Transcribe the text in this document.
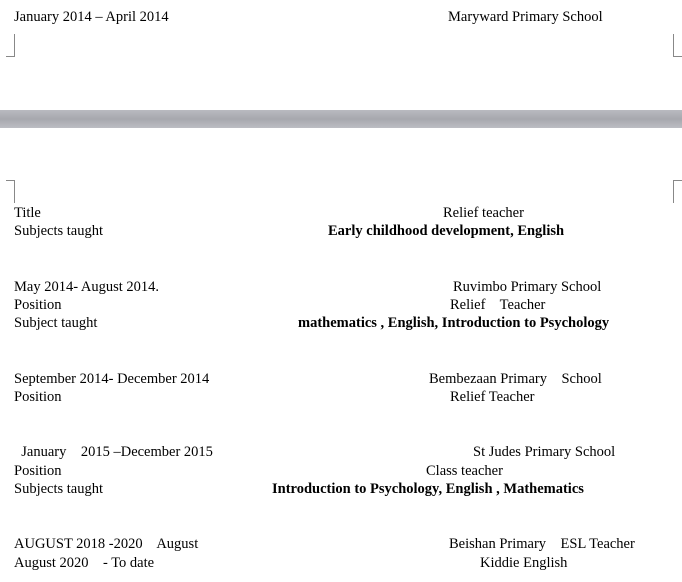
January 2014 – April 2014	Maryward Primary School
Title	Relief teacher
Subjects taught	Early childhood development, English
May 2014- August 2014.	Ruvimbo Primary School
Position	Relief    Teacher
Subject taught	mathematics , English, Introduction to Psychology
September 2014- December 2014	Bembezaan Primary    School
Position	Relief Teacher
January    2015 –December 2015	St Judes Primary School
Position	Class teacher
Subjects taught	Introduction to Psychology, English , Mathematics
AUGUST 2018 -2020    August	Beishan Primary    ESL Teacher
August 2020    - To date	Kiddie English
